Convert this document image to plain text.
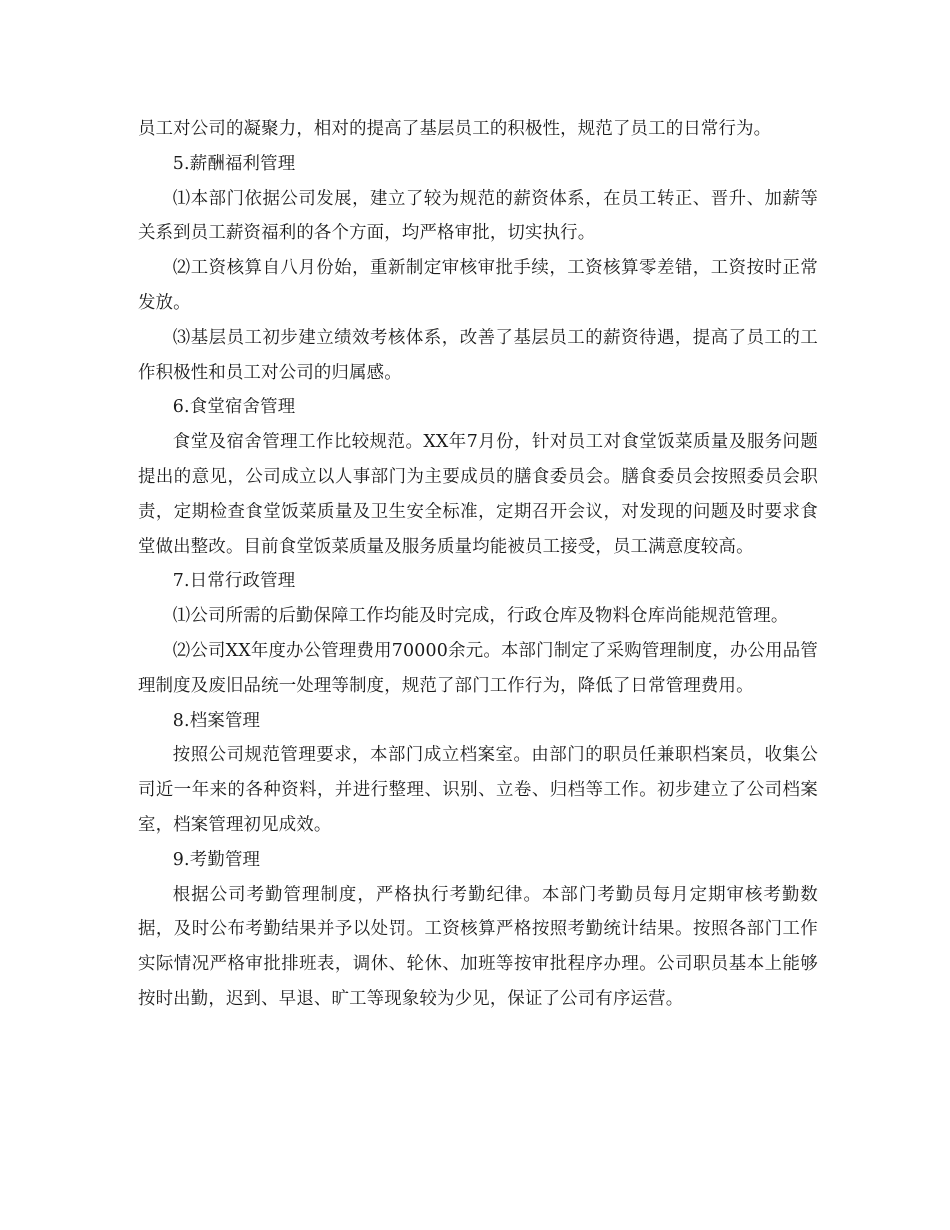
员工对公司的凝聚力，相对的提高了基层员工的积极性，规范了员工的日常行为。

5.薪酬福利管理

⑴本部门依据公司发展，建立了较为规范的薪资体系，在员工转正、晋升、加薪等关系到员工薪资福利的各个方面，均严格审批，切实执行。

⑵工资核算自八月份始，重新制定审核审批手续，工资核算零差错，工资按时正常发放。

⑶基层员工初步建立绩效考核体系，改善了基层员工的薪资待遇，提高了员工的工作积极性和员工对公司的归属感。

6.食堂宿舍管理

食堂及宿舍管理工作比较规范。XX年7月份，针对员工对食堂饭菜质量及服务问题提出的意见，公司成立以人事部门为主要成员的膳食委员会。膳食委员会按照委员会职责，定期检查食堂饭菜质量及卫生安全标准，定期召开会议，对发现的问题及时要求食堂做出整改。目前食堂饭菜质量及服务质量均能被员工接受，员工满意度较高。

7.日常行政管理

⑴公司所需的后勤保障工作均能及时完成，行政仓库及物料仓库尚能规范管理。

⑵公司XX年度办公管理费用70000余元。本部门制定了采购管理制度，办公用品管理制度及废旧品统一处理等制度，规范了部门工作行为，降低了日常管理费用。

8.档案管理

按照公司规范管理要求，本部门成立档案室。由部门的职员任兼职档案员，收集公司近一年来的各种资料，并进行整理、识别、立卷、归档等工作。初步建立了公司档案室，档案管理初见成效。

9.考勤管理

根据公司考勤管理制度，严格执行考勤纪律。本部门考勤员每月定期审核考勤数据，及时公布考勤结果并予以处罚。工资核算严格按照考勤统计结果。按照各部门工作实际情况严格审批排班表，调休、轮休、加班等按审批程序办理。公司职员基本上能够按时出勤，迟到、早退、旷工等现象较为少见，保证了公司有序运营。
